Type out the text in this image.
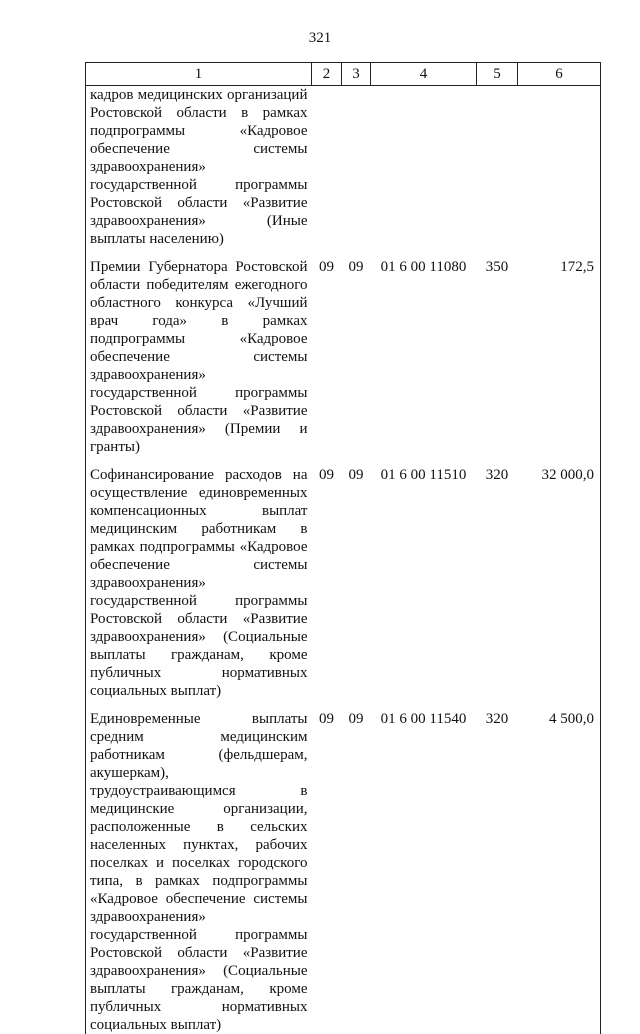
321
1	2	3	4	5	6
кадров медицинских организаций Ростовской области в рамках подпрограммы «Кадровое обеспечение системы здравоохранения» государственной программы Ростовской области «Развитие здравоохранения» (Иные выплаты населению)					

Премии Губернатора Ростовской области победителям ежегодного областного конкурса «Лучший врач года» в рамках подпрограммы «Кадровое обеспечение системы здравоохранения» государственной программы Ростовской области «Развитие здравоохранения» (Премии и гранты)	09	09	01 6 00 11080	350	172,5

Софинансирование расходов на осуществление единовременных компенсационных выплат медицинским работникам в рамках подпрограммы «Кадровое обеспечение системы здравоохранения» государственной программы Ростовской области «Развитие здравоохранения» (Социальные выплаты гражданам, кроме публичных нормативных социальных выплат)	09	09	01 6 00 11510	320	32 000,0

Единовременные выплаты средним медицинским работникам (фельдшерам, акушеркам), трудоустраивающимся в медицинские организации, расположенные в сельских населенных пунктах, рабочих поселках и поселках городского типа, в рамках подпрограммы «Кадровое обеспечение системы здравоохранения» государственной программы Ростовской области «Развитие здравоохранения» (Социальные выплаты гражданам, кроме публичных нормативных социальных выплат)	09	09	01 6 00 11540	320	4 500,0
